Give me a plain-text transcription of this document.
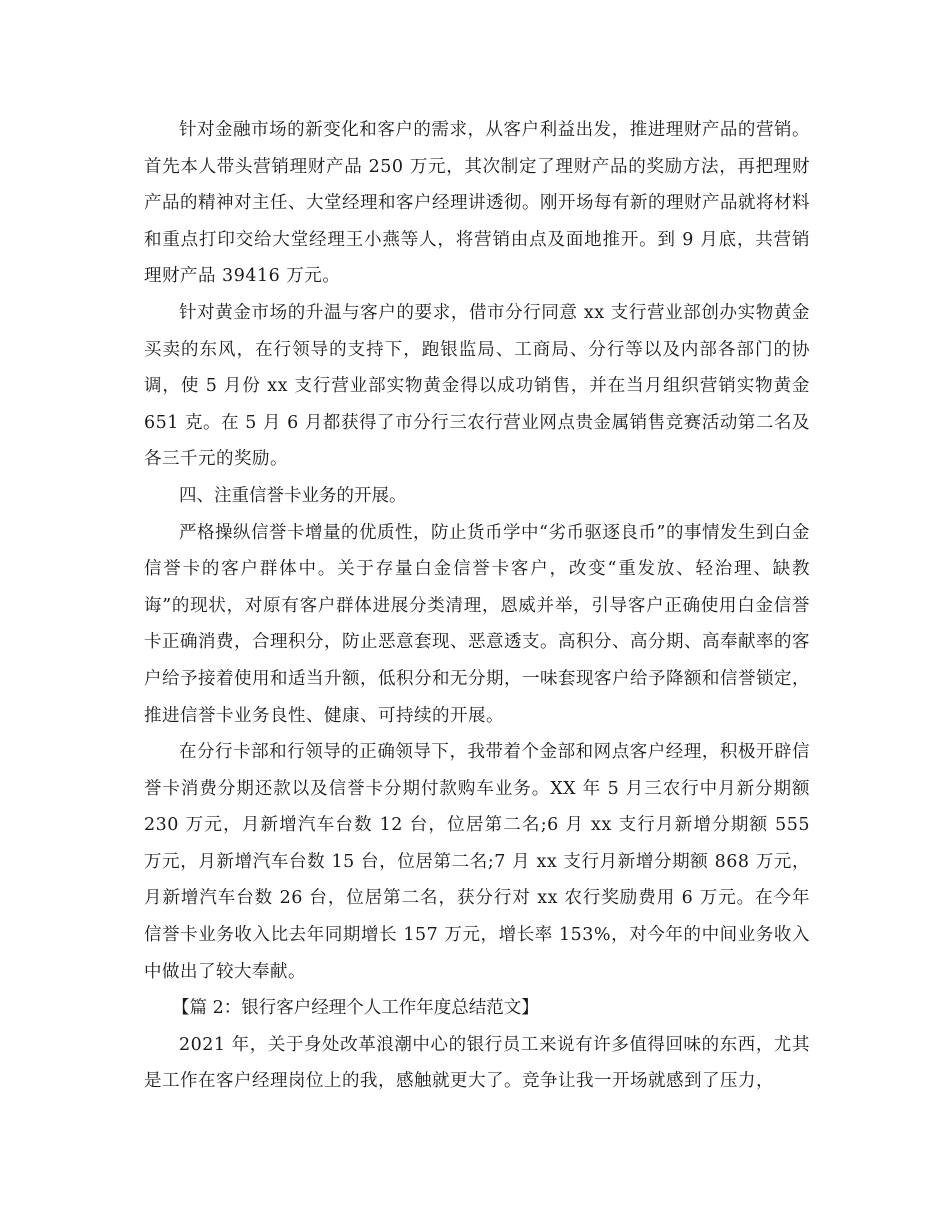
针对金融市场的新变化和客户的需求，从客户利益出发，推进理财产品的营销。首先本人带头营销理财产品 250 万元，其次制定了理财产品的奖励方法，再把理财产品的精神对主任、大堂经理和客户经理讲透彻。刚开场每有新的理财产品就将材料和重点打印交给大堂经理王小燕等人，将营销由点及面地推开。到 9 月底，共营销理财产品 39416 万元。

针对黄金市场的升温与客户的要求，借市分行同意 xx 支行营业部创办实物黄金买卖的东风，在行领导的支持下，跑银监局、工商局、分行等以及内部各部门的协调，使 5 月份 xx 支行营业部实物黄金得以成功销售，并在当月组织营销实物黄金 651 克。在 5 月 6 月都获得了市分行三农行营业网点贵金属销售竞赛活动第二名及各三千元的奖励。

四、注重信誉卡业务的开展。

严格操纵信誉卡增量的优质性，防止货币学中“劣币驱逐良币”的事情发生到白金信誉卡的客户群体中。关于存量白金信誉卡客户，改变“重发放、轻治理、缺教诲”的现状，对原有客户群体进展分类清理，恩威并举，引导客户正确使用白金信誉卡正确消费，合理积分，防止恶意套现、恶意透支。高积分、高分期、高奉献率的客户给予接着使用和适当升额，低积分和无分期，一味套现客户给予降额和信誉锁定，推进信誉卡业务良性、健康、可持续的开展。

在分行卡部和行领导的正确领导下，我带着个金部和网点客户经理，积极开辟信誉卡消费分期还款以及信誉卡分期付款购车业务。XX 年 5 月三农行中月新分期额 230 万元，月新增汽车台数 12 台，位居第二名;6 月 xx 支行月新增分期额 555 万元，月新增汽车台数 15 台，位居第二名;7 月 xx 支行月新增分期额 868 万元，月新增汽车台数 26 台，位居第二名，获分行对 xx 农行奖励费用 6 万元。在今年信誉卡业务收入比去年同期增长 157 万元，增长率 153%，对今年的中间业务收入中做出了较大奉献。

【篇 2：银行客户经理个人工作年度总结范文】

2021 年，关于身处改革浪潮中心的银行员工来说有许多值得回味的东西，尤其是工作在客户经理岗位上的我，感触就更大了。竞争让我一开场就感到了压力，
